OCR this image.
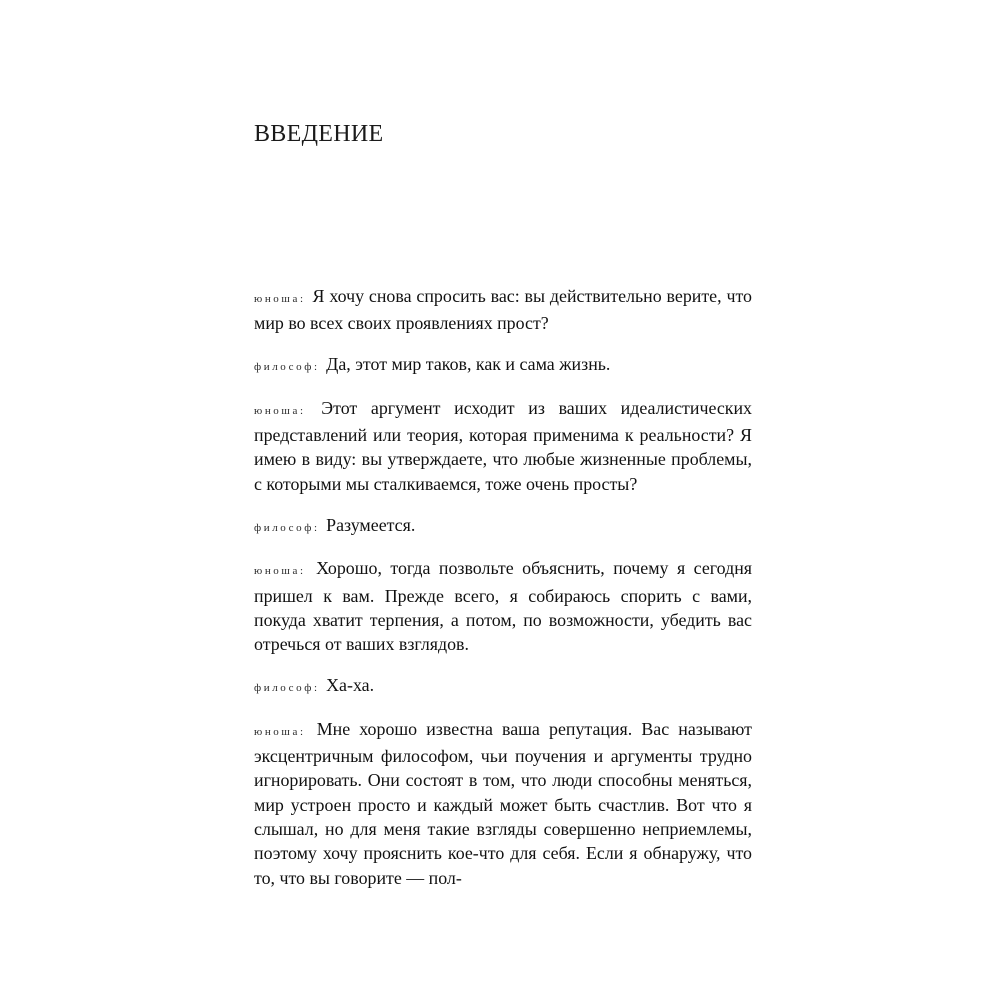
ВВЕДЕНИЕ

юноша: Я хочу снова спросить вас: вы действительно верите, что мир во всех своих проявлениях прост?

философ: Да, этот мир таков, как и сама жизнь.

юноша: Этот аргумент исходит из ваших идеалистических представлений или теория, которая применима к реальности? Я имею в виду: вы утверждаете, что любые жизненные проблемы, с которыми мы сталкиваемся, тоже очень просты?

философ: Разумеется.

юноша: Хорошо, тогда позвольте объяснить, почему я сегодня пришел к вам. Прежде всего, я собираюсь спорить с вами, покуда хватит терпения, а потом, по возможности, убедить вас отречься от ваших взглядов.

философ: Ха-ха.

юноша: Мне хорошо известна ваша репутация. Вас называют эксцентричным философом, чьи поучения и аргументы трудно игнорировать. Они состоят в том, что люди способны меняться, мир устроен просто и каждый может быть счастлив. Вот что я слышал, но для меня такие взгляды совершенно неприемлемы, поэтому хочу прояснить кое-что для себя. Если я обнаружу, что то, что вы говорите — пол-
